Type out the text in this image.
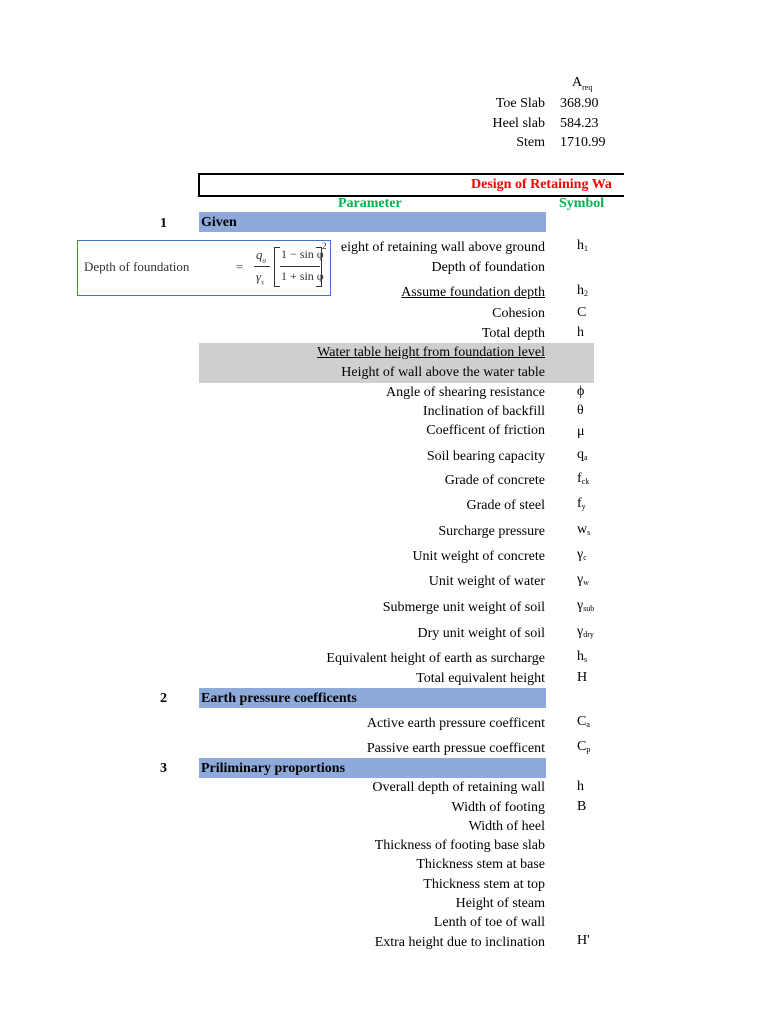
$A_{req}$
Toe Slab 368.90
Heel slab 584.23
Stem 1710.99
Design of Retaining Wa
Parameter	Symbol
1 Given
eight of retaining wall above ground $h_1$
Depth of foundation
Assume foundation depth $h_2$
Cohesion C
Total depth h
Water table height from foundation level
Height of wall above the water table
Angle of shearing resistance ϕ
Inclination of backfill θ
Coefficent of friction μ
Soil bearing capacity $q_a$
Grade of concrete $f_{ck}$
Grade of steel $f_y$
Surcharge pressure $w_s$
Unit weight of concrete $\gamma_c$
Unit weight of water $\gamma_w$
Submerge unit weight of soil $\gamma_{sub}$
Dry unit weight of soil $\gamma_{dry}$
Equivalent height of earth as surcharge $h_s$
Total equivalent height H
2 Earth pressure coefficents
Active earth pressure coefficent $C_a$
Passive earth pressue coefficent $C_p$
3 Priliminary proportions
Overall depth of retaining wall h
Width of footing B
Width of heel
Thickness of footing base slab
Thickness stem at base
Thickness stem at top
Height of steam
Lenth of toe of wall
Extra height due to inclination H'
Depth of foundation	=
$q_a$
$\gamma_s$
1 − sin φ
1 + sin φ
2
